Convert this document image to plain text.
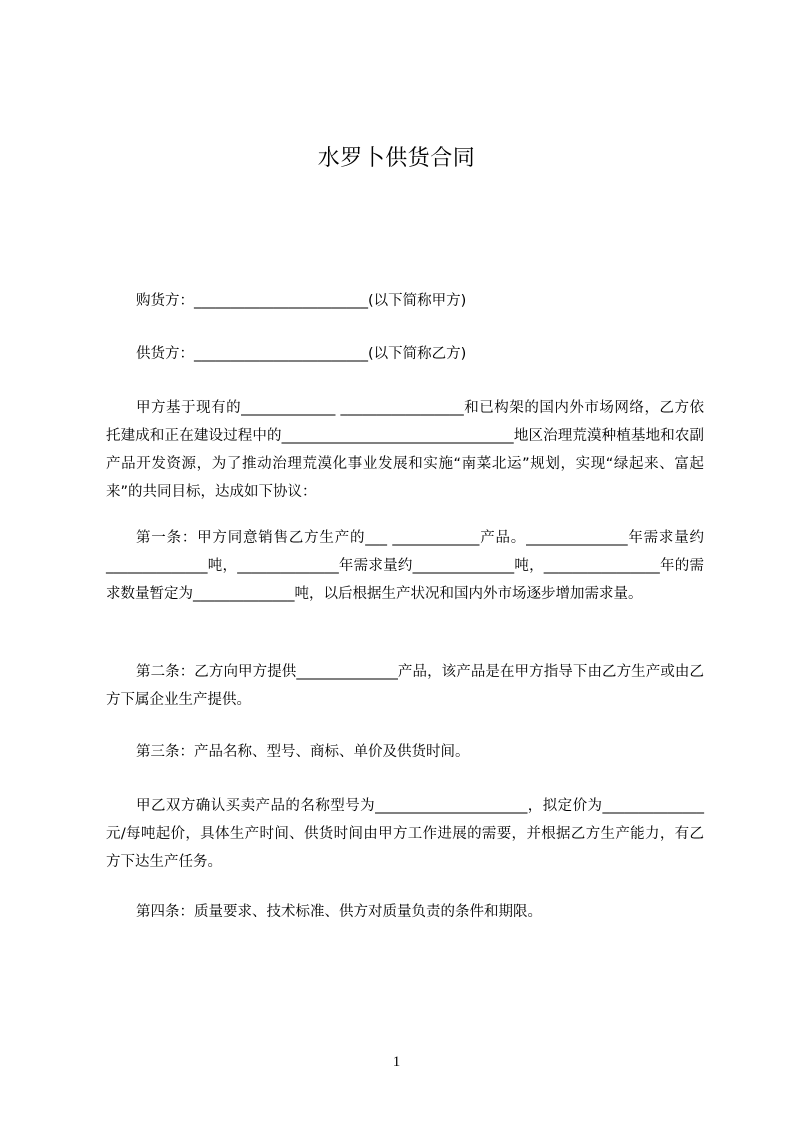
水罗卜供货合同

购货方：________________________(以下简称甲方)

供货方：________________________(以下简称乙方)

甲方基于现有的_____________ _________________和已构架的国内外市场网络，乙方依托建成和正在建设过程中的________________________________地区治理荒漠种植基地和农副产品开发资源，为了推动治理荒漠化事业发展和实施“南菜北运”规划，实现“绿起来、富起来”的共同目标，达成如下协议：

第一条：甲方同意销售乙方生产的___ ____________产品。______________年需求量约______________吨，______________年需求量约______________吨，________________年的需求数量暂定为______________吨，以后根据生产状况和国内外市场逐步增加需求量。

第二条：乙方向甲方提供______________产品，该产品是在甲方指导下由乙方生产或由乙方下属企业生产提供。

第三条：产品名称、型号、商标、单价及供货时间。

甲乙双方确认买卖产品的名称型号为_____________________，拟定价为______________元/每吨起价，具体生产时间、供货时间由甲方工作进展的需要，并根据乙方生产能力，有乙方下达生产任务。

第四条：质量要求、技术标准、供方对质量负责的条件和期限。

1
